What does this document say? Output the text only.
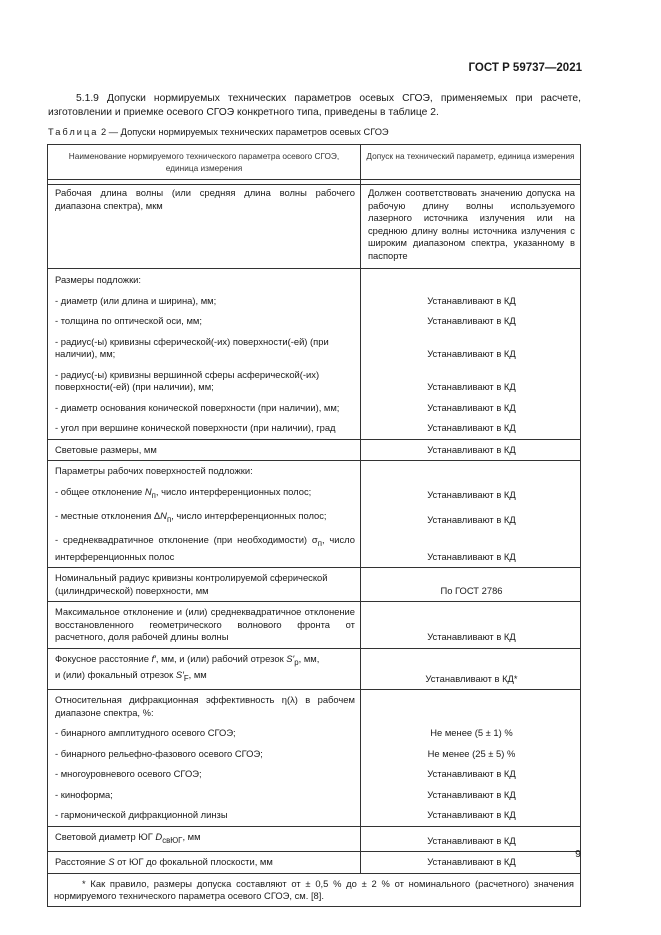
ГОСТ Р 59737—2021
5.1.9 Допуски нормируемых технических параметров осевых СГОЭ, применяемых при расчете, изготовлении и приемке осевого СГОЭ конкретного типа, приведены в таблице 2.
Таблица 2 — Допуски нормируемых технических параметров осевых СГОЭ
Наименование нормируемого технического параметра осевого СГОЭ, единица измерения	Допуск на технический параметр, единица измерения

Рабочая длина волны (или средняя длина волны рабочего диапазона спектра), мкм	Должен соответствовать значению допуска на рабочую длину волны используемого лазерного источника излучения или на среднюю длину волны источника излучения с широким диапазоном спектра, указанному в паспорте
Размеры подложки:	
- диаметр (или длина и ширина), мм;	Устанавливают в КД
- толщина по оптической оси, мм;	Устанавливают в КД
- радиус(-ы) кривизны сферической(-их) поверхности(-ей) (при наличии), мм;	Устанавливают в КД
- радиус(-ы) кривизны вершинной сферы асферической(-их) поверхности(-ей) (при наличии), мм;	Устанавливают в КД
- диаметр основания конической поверхности (при наличии), мм;	Устанавливают в КД
- угол при вершине конической поверхности (при наличии), град	Устанавливают в КД
Световые размеры, мм	Устанавливают в КД
Параметры рабочих поверхностей подложки:	
- общее отклонение $N_п$, число интерференционных полос;	Устанавливают в КД
- местные отклонения $\Delta N_п$, число интерференционных полос;	Устанавливают в КД
- среднеквадратичное отклонение (при необходимости) $\sigma_п$, число интерференционных полос	Устанавливают в КД
Номинальный радиус кривизны контролируемой сферической (цилиндрической) поверхности, мм	По ГОСТ 2786
Максимальное отклонение и (или) среднеквадратичное отклонение восстановленного геометрического волнового фронта от расчетного, доля рабочей длины волны	Устанавливают в КД

Фокусное расстояние f′, мм, и (или) рабочий отрезок $S'_р$, мм,
и (или) фокальный отрезок $S'_F$, мм	Устанавливают в КД*
Относительная дифракционная эффективность η(λ) в рабочем диапазоне спектра, %:	
- бинарного амплитудного осевого СГОЭ;	Не менее (5 ± 1) %
- бинарного рельефно-фазового осевого СГОЭ;	Не менее (25 ± 5) %
- многоуровневого осевого СГОЭ;	Устанавливают в КД
- киноформа;	Устанавливают в КД
- гармонической дифракционной линзы	Устанавливают в КД
Световой диаметр ЮГ $D_{свЮГ}$, мм	Устанавливают в КД
Расстояние S от ЮГ до фокальной плоскости, мм	Устанавливают в КД
* Как правило, размеры допуска составляют от ± 0,5 % до ± 2 % от номинального (расчетного) значения нормируемого технического параметра осевого СГОЭ, см. [8].	
9
